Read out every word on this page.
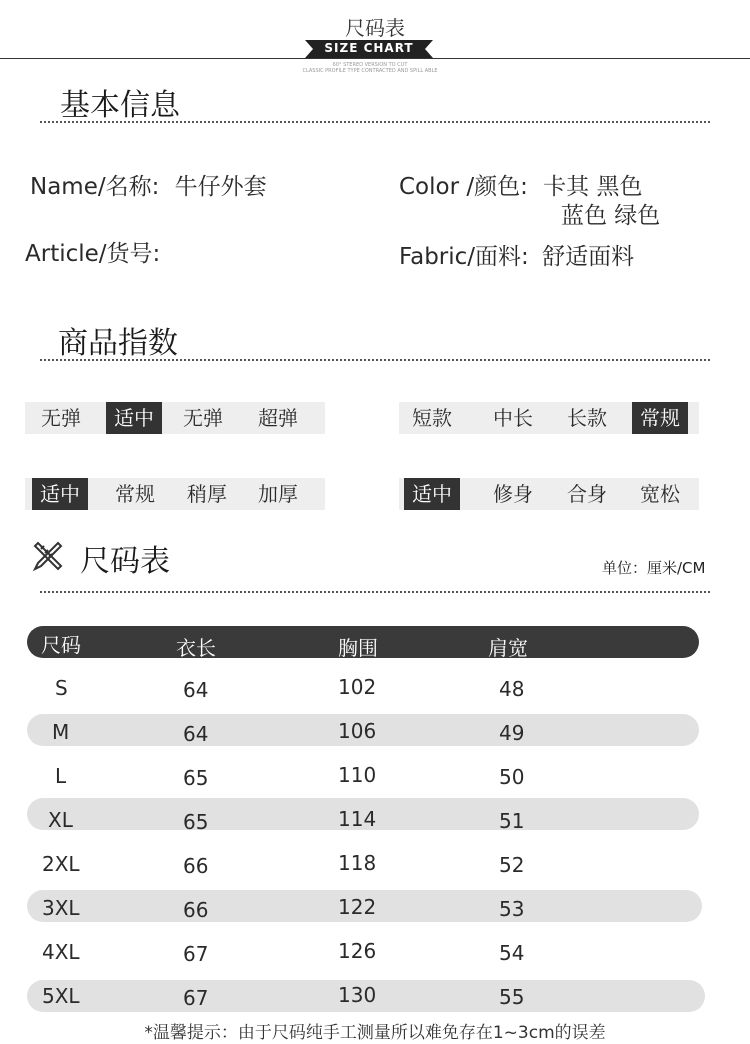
尺码表
SIZE CHART
60° STEREO VERSION TO CUT
CLASSIC PROFILE TYPE CONTRACTED AND SPILL ABLE
基本信息
Name/名称: 牛仔外套
Article/货号:
Color /颜色: 卡其 黑色
蓝色 绿色
Fabric/面料: 舒适面料
商品指数
无弹	适中	无弹	超弹	短款	中长	长款	常规
适中	常规	稍厚	加厚	适中	修身	合身	宽松
尺码表	单位：厘米/CM
尺码	衣长	胸围	肩宽
S	64	102	48
M	64	106	49
L	65	110	50
XL	65	114	51
2XL	66	118	52
3XL	66	122	53
4XL	67	126	54
5XL	67	130	55
*温馨提示：由于尺码纯手工测量所以难免存在1~3cm的误差
